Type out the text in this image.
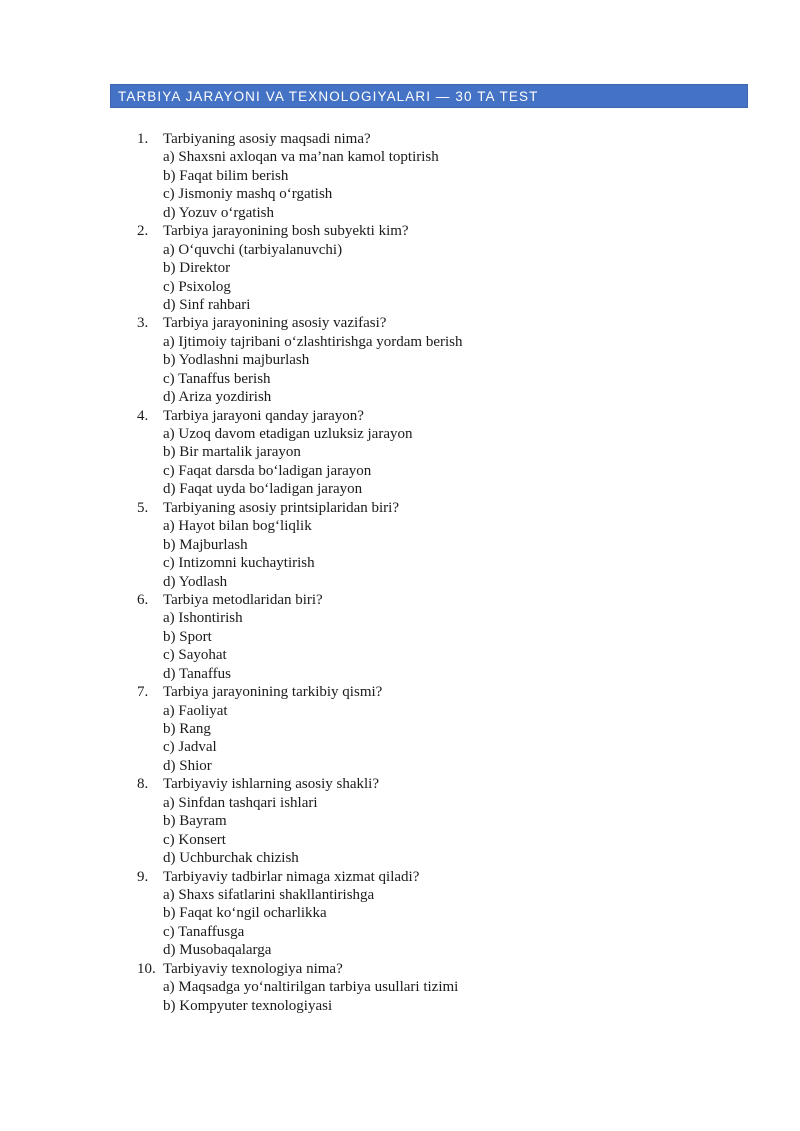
TARBIYA JARAYONI VA TEXNOLOGIYALARI — 30 TA TEST
1. Tarbiyaning asosiy maqsadi nima?
a) Shaxsni axloqan va ma’nan kamol toptirish
b) Faqat bilim berish
c) Jismoniy mashq o‘rgatish
d) Yozuv o‘rgatish
2. Tarbiya jarayonining bosh subyekti kim?
a) O‘quvchi (tarbiyalanuvchi)
b) Direktor
c) Psixolog
d) Sinf rahbari
3. Tarbiya jarayonining asosiy vazifasi?
a) Ijtimoiy tajribani o‘zlashtirishga yordam berish
b) Yodlashni majburlash
c) Tanaffus berish
d) Ariza yozdirish
4. Tarbiya jarayoni qanday jarayon?
a) Uzoq davom etadigan uzluksiz jarayon
b) Bir martalik jarayon
c) Faqat darsda bo‘ladigan jarayon
d) Faqat uyda bo‘ladigan jarayon
5. Tarbiyaning asosiy printsiplaridan biri?
a) Hayot bilan bog‘liqlik
b) Majburlash
c) Intizomni kuchaytirish
d) Yodlash
6. Tarbiya metodlaridan biri?
a) Ishontirish
b) Sport
c) Sayohat
d) Tanaffus
7. Tarbiya jarayonining tarkibiy qismi?
a) Faoliyat
b) Rang
c) Jadval
d) Shior
8. Tarbiyaviy ishlarning asosiy shakli?
a) Sinfdan tashqari ishlari
b) Bayram
c) Konsert
d) Uchburchak chizish
9. Tarbiyaviy tadbirlar nimaga xizmat qiladi?
a) Shaxs sifatlarini shakllantirishga
b) Faqat ko‘ngil ocharlikka
c) Tanaffusga
d) Musobaqalarga
10. Tarbiyaviy texnologiya nima?
a) Maqsadga yo‘naltirilgan tarbiya usullari tizimi
b) Kompyuter texnologiyasi
